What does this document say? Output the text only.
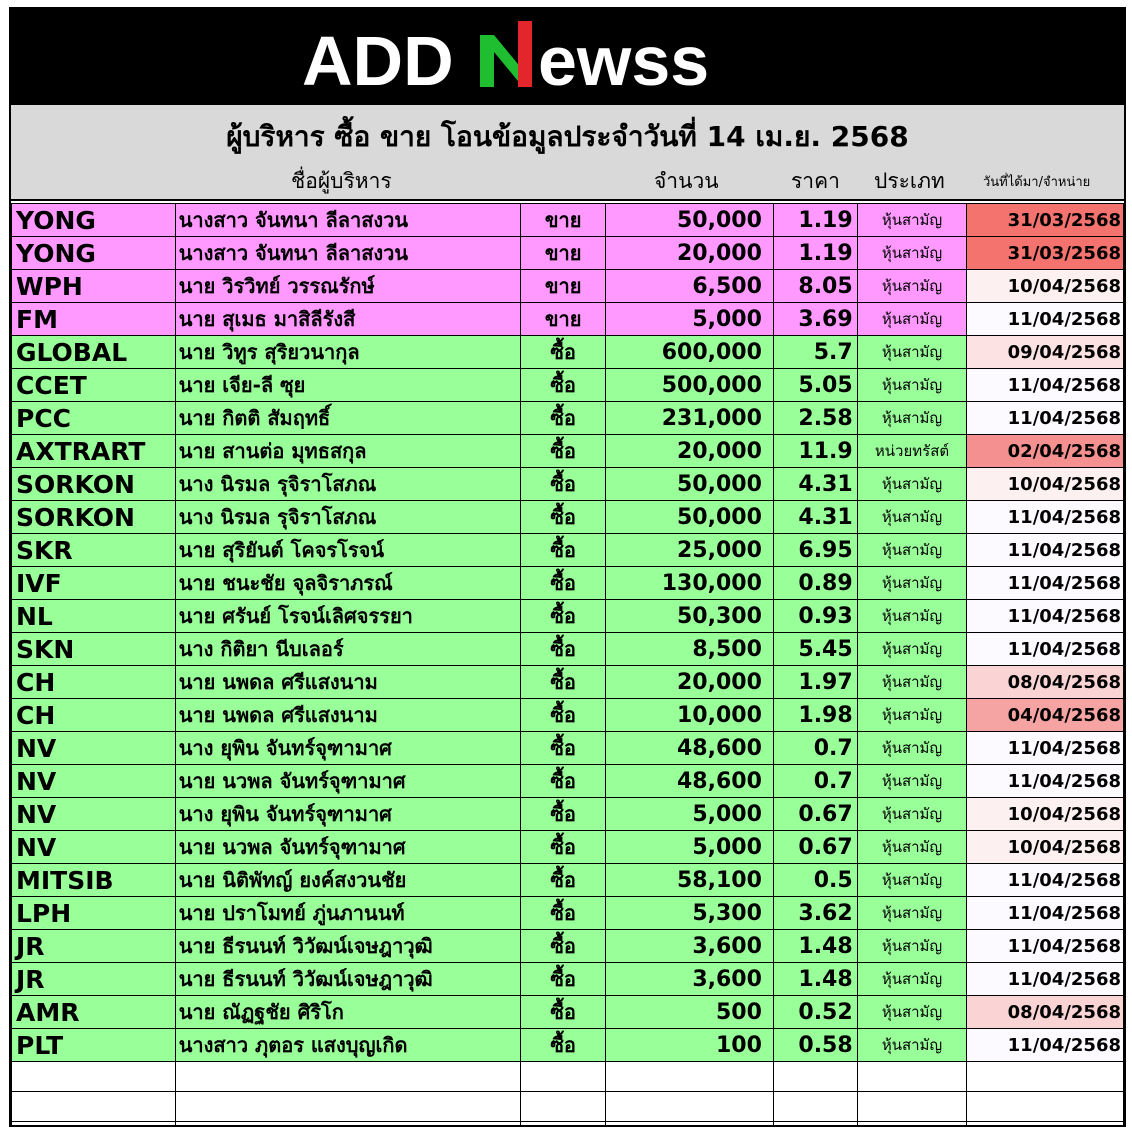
ADD
N
ewss
ผู้บริหาร ซื้อ ขาย โอนข้อมูลประจำวันที่ 14 เม.ย. 2568
ชื่อผู้บริหาร	จำนวน	ราคา ประเภท	วันที่ได้มา/จำหน่าย
YONG	นางสาว จันทนา ลีลาสงวน	ขาย	50,000	1.19	หุ้นสามัญ	31/03/2568
YONG	นางสาว จันทนา ลีลาสงวน	ขาย	20,000	1.19	หุ้นสามัญ	31/03/2568
WPH	นาย วิรวิทย์ วรรณรักษ์	ขาย	6,500	8.05	หุ้นสามัญ	10/04/2568
FM	นาย สุเมธ มาสิลีรังสี	ขาย	5,000	3.69	หุ้นสามัญ	11/04/2568
GLOBAL	นาย วิทูร สุริยวนากุล	ซื้อ	600,000	5.7	หุ้นสามัญ	09/04/2568
CCET	นาย เจีย-ลี ซุย	ซื้อ	500,000	5.05	หุ้นสามัญ	11/04/2568
PCC	นาย กิตติ สัมฤทธิ์	ซื้อ	231,000	2.58	หุ้นสามัญ	11/04/2568
AXTRART	นาย สานต่อ มุทธสกุล	ซื้อ	20,000	11.9	หน่วยทรัสต์	02/04/2568
SORKON	นาง นิรมล รุจิราโสภณ	ซื้อ	50,000	4.31	หุ้นสามัญ	10/04/2568
SORKON	นาง นิรมล รุจิราโสภณ	ซื้อ	50,000	4.31	หุ้นสามัญ	11/04/2568
SKR	นาย สุริยันต์ โคจรโรจน์	ซื้อ	25,000	6.95	หุ้นสามัญ	11/04/2568
IVF	นาย ชนะชัย จุลจิราภรณ์	ซื้อ	130,000	0.89	หุ้นสามัญ	11/04/2568
NL	นาย ศรันย์ โรจน์เลิศจรรยา	ซื้อ	50,300	0.93	หุ้นสามัญ	11/04/2568
SKN	นาง กิติยา นีบเลอร์	ซื้อ	8,500	5.45	หุ้นสามัญ	11/04/2568
CH	นาย นพดล ศรีแสงนาม	ซื้อ	20,000	1.97	หุ้นสามัญ	08/04/2568
CH	นาย นพดล ศรีแสงนาม	ซื้อ	10,000	1.98	หุ้นสามัญ	04/04/2568
NV	นาง ยุพิน จันทร์จุฑามาศ	ซื้อ	48,600	0.7	หุ้นสามัญ	11/04/2568
NV	นาย นวพล จันทร์จุฑามาศ	ซื้อ	48,600	0.7	หุ้นสามัญ	11/04/2568
NV	นาง ยุพิน จันทร์จุฑามาศ	ซื้อ	5,000	0.67	หุ้นสามัญ	10/04/2568
NV	นาย นวพล จันทร์จุฑามาศ	ซื้อ	5,000	0.67	หุ้นสามัญ	10/04/2568
MITSIB	นาย นิติพัทญ์ ยงค์สงวนชัย	ซื้อ	58,100	0.5	หุ้นสามัญ	11/04/2568
LPH	นาย ปราโมทย์ ภู่นภานนท์	ซื้อ	5,300	3.62	หุ้นสามัญ	11/04/2568
JR	นาย ธีรนนท์ วิวัฒน์เจษฎาวุฒิ	ซื้อ	3,600	1.48	หุ้นสามัญ	11/04/2568
JR	นาย ธีรนนท์ วิวัฒน์เจษฎาวุฒิ	ซื้อ	3,600	1.48	หุ้นสามัญ	11/04/2568
AMR	นาย ณัฏฐชัย ศิริโก	ซื้อ	500	0.52	หุ้นสามัญ	08/04/2568
PLT	นางสาว ภุตอร แสงบุญเกิด	ซื้อ	100	0.58	หุ้นสามัญ	11/04/2568
